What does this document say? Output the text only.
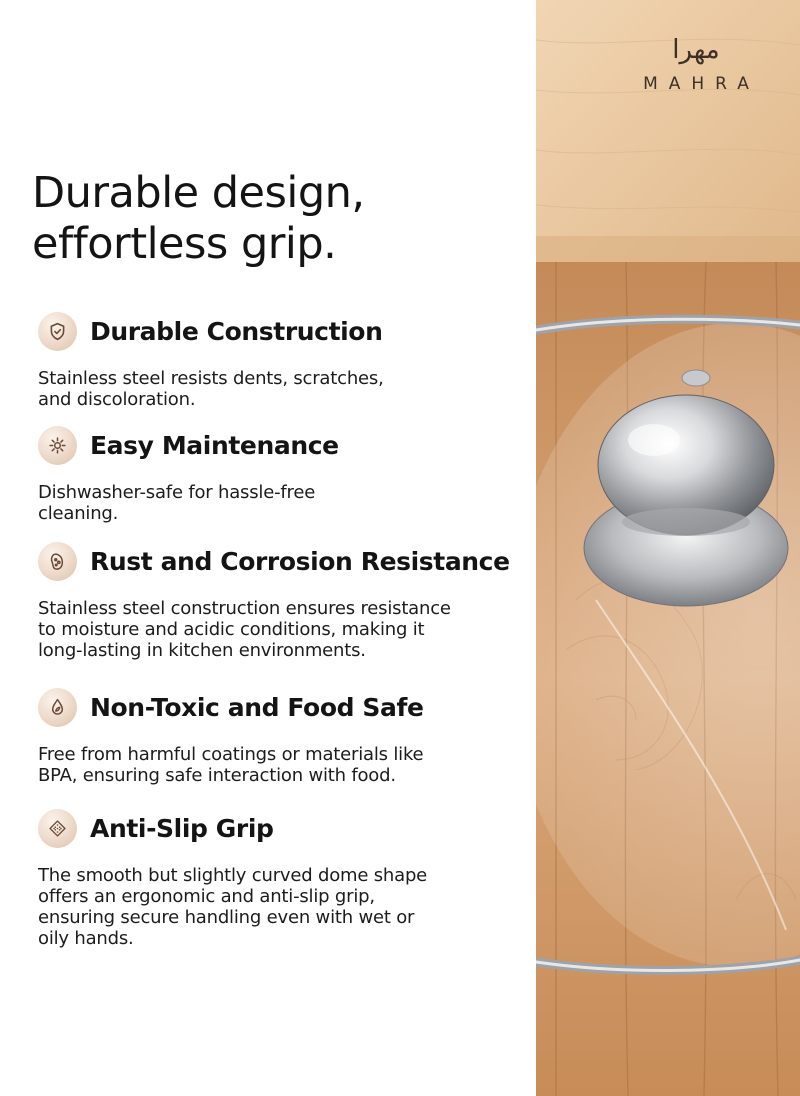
Durable design,
effortless grip.
Durable Construction
Stainless steel resists dents, scratches,
and discoloration.
Easy Maintenance
Dishwasher-safe for hassle-free
cleaning.
Rust and Corrosion Resistance
Stainless steel construction ensures resistance
to moisture and acidic conditions, making it
long-lasting in kitchen environments.
Non-Toxic and Food Safe
Free from harmful coatings or materials like
BPA, ensuring safe interaction with food.
Anti-Slip Grip
The smooth but slightly curved dome shape
offers an ergonomic and anti-slip grip,
ensuring secure handling even with wet or
oily hands.
مهرا
MAHRA
